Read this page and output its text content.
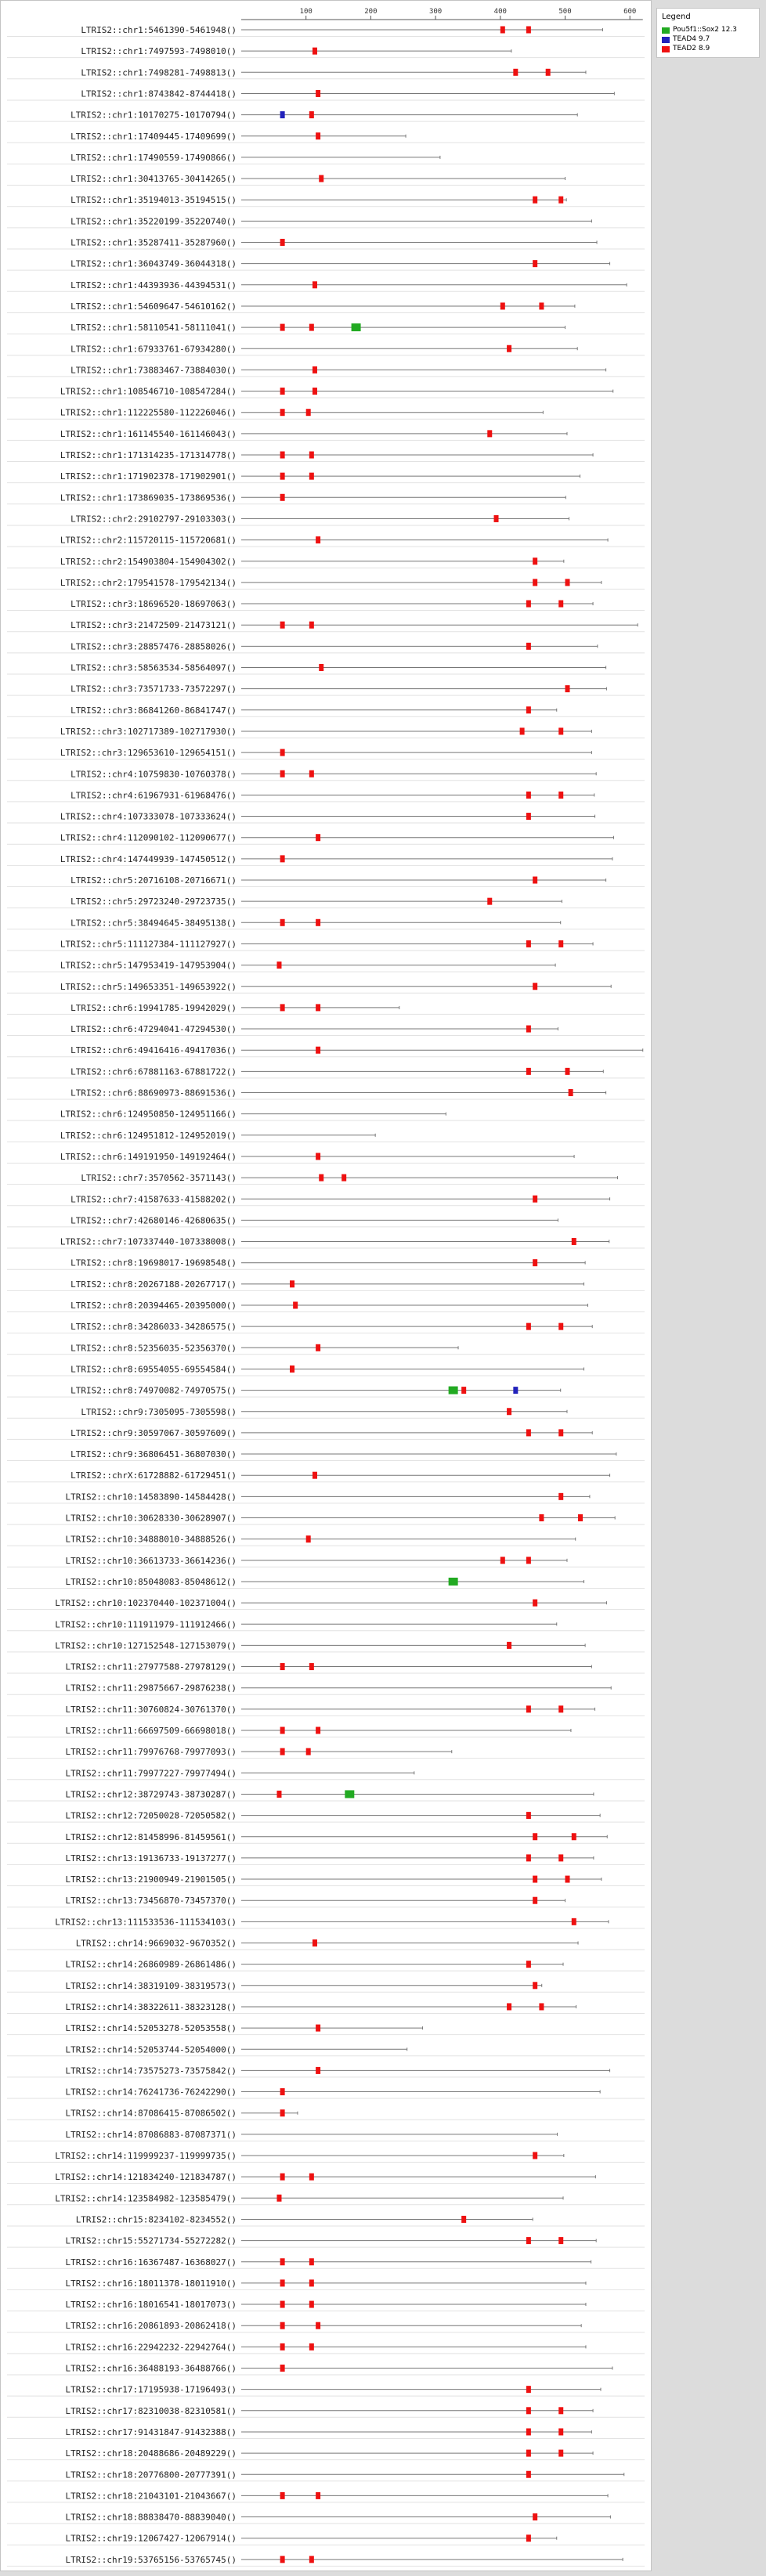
100	200	300	400	500	600
LTRIS2::chr1:5461390-5461948()
LTRIS2::chr1:7497593-7498010()
LTRIS2::chr1:7498281-7498813()
LTRIS2::chr1:8743842-8744418()
LTRIS2::chr1:10170275-10170794()
LTRIS2::chr1:17409445-17409699()
LTRIS2::chr1:17490559-17490866()
LTRIS2::chr1:30413765-30414265()
LTRIS2::chr1:35194013-35194515()
LTRIS2::chr1:35220199-35220740()
LTRIS2::chr1:35287411-35287960()
LTRIS2::chr1:36043749-36044318()
LTRIS2::chr1:44393936-44394531()
LTRIS2::chr1:54609647-54610162()
LTRIS2::chr1:58110541-58111041()
LTRIS2::chr1:67933761-67934280()
LTRIS2::chr1:73883467-73884030()
LTRIS2::chr1:108546710-108547284()
LTRIS2::chr1:112225580-112226046()
LTRIS2::chr1:161145540-161146043()
LTRIS2::chr1:171314235-171314778()
LTRIS2::chr1:171902378-171902901()
LTRIS2::chr1:173869035-173869536()
LTRIS2::chr2:29102797-29103303()
LTRIS2::chr2:115720115-115720681()
LTRIS2::chr2:154903804-154904302()
LTRIS2::chr2:179541578-179542134()
LTRIS2::chr3:18696520-18697063()
LTRIS2::chr3:21472509-21473121()
LTRIS2::chr3:28857476-28858026()
LTRIS2::chr3:58563534-58564097()
LTRIS2::chr3:73571733-73572297()
LTRIS2::chr3:86841260-86841747()
LTRIS2::chr3:102717389-102717930()
LTRIS2::chr3:129653610-129654151()
LTRIS2::chr4:10759830-10760378()
LTRIS2::chr4:61967931-61968476()
LTRIS2::chr4:107333078-107333624()
LTRIS2::chr4:112090102-112090677()
LTRIS2::chr4:147449939-147450512()
LTRIS2::chr5:20716108-20716671()
LTRIS2::chr5:29723240-29723735()
LTRIS2::chr5:38494645-38495138()
LTRIS2::chr5:111127384-111127927()
LTRIS2::chr5:147953419-147953904()
LTRIS2::chr5:149653351-149653922()
LTRIS2::chr6:19941785-19942029()
LTRIS2::chr6:47294041-47294530()
LTRIS2::chr6:49416416-49417036()
LTRIS2::chr6:67881163-67881722()
LTRIS2::chr6:88690973-88691536()
LTRIS2::chr6:124950850-124951166()
LTRIS2::chr6:124951812-124952019()
LTRIS2::chr6:149191950-149192464()
LTRIS2::chr7:3570562-3571143()
LTRIS2::chr7:41587633-41588202()
LTRIS2::chr7:42680146-42680635()
LTRIS2::chr7:107337440-107338008()
LTRIS2::chr8:19698017-19698548()
LTRIS2::chr8:20267188-20267717()
LTRIS2::chr8:20394465-20395000()
LTRIS2::chr8:34286033-34286575()
LTRIS2::chr8:52356035-52356370()
LTRIS2::chr8:69554055-69554584()
LTRIS2::chr8:74970082-74970575()
LTRIS2::chr9:7305095-7305598()
LTRIS2::chr9:30597067-30597609()
LTRIS2::chr9:36806451-36807030()
LTRIS2::chrX:61728882-61729451()
LTRIS2::chr10:14583890-14584428()
LTRIS2::chr10:30628330-30628907()
LTRIS2::chr10:34888010-34888526()
LTRIS2::chr10:36613733-36614236()
LTRIS2::chr10:85048083-85048612()
LTRIS2::chr10:102370440-102371004()
LTRIS2::chr10:111911979-111912466()
LTRIS2::chr10:127152548-127153079()
LTRIS2::chr11:27977588-27978129()
LTRIS2::chr11:29875667-29876238()
LTRIS2::chr11:30760824-30761370()
LTRIS2::chr11:66697509-66698018()
LTRIS2::chr11:79976768-79977093()
LTRIS2::chr11:79977227-79977494()
LTRIS2::chr12:38729743-38730287()
LTRIS2::chr12:72050028-72050582()
LTRIS2::chr12:81458996-81459561()
LTRIS2::chr13:19136733-19137277()
LTRIS2::chr13:21900949-21901505()
LTRIS2::chr13:73456870-73457370()
LTRIS2::chr13:111533536-111534103()
LTRIS2::chr14:9669032-9670352()
LTRIS2::chr14:26860989-26861486()
LTRIS2::chr14:38319109-38319573()
LTRIS2::chr14:38322611-38323128()
LTRIS2::chr14:52053278-52053558()
LTRIS2::chr14:52053744-52054000()
LTRIS2::chr14:73575273-73575842()
LTRIS2::chr14:76241736-76242290()
LTRIS2::chr14:87086415-87086502()
LTRIS2::chr14:87086883-87087371()
LTRIS2::chr14:119999237-119999735()
LTRIS2::chr14:121834240-121834787()
LTRIS2::chr14:123584982-123585479()
LTRIS2::chr15:8234102-8234552()
LTRIS2::chr15:55271734-55272282()
LTRIS2::chr16:16367487-16368027()
LTRIS2::chr16:18011378-18011910()
LTRIS2::chr16:18016541-18017073()
LTRIS2::chr16:20861893-20862418()
LTRIS2::chr16:22942232-22942764()
LTRIS2::chr16:36488193-36488766()
LTRIS2::chr17:17195938-17196493()
LTRIS2::chr17:82310038-82310581()
LTRIS2::chr17:91431847-91432388()
LTRIS2::chr18:20488686-20489229()
LTRIS2::chr18:20776800-20777391()
LTRIS2::chr18:21043101-21043667()
LTRIS2::chr18:88838470-88839040()
LTRIS2::chr19:12067427-12067914()
LTRIS2::chr19:53765156-53765745()
Legend
Pou5f1::Sox2 12.3
TEAD4 9.7
TEAD2 8.9
